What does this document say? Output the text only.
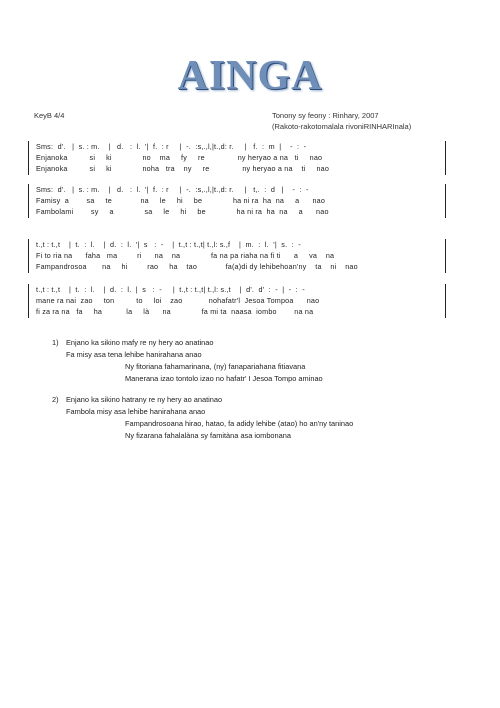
AINGA
KeyB 4/4	Tonony sy feony : Rinhary, 2007
(Rakoto-rakotomalala rivoniRINHARInala)
Sms:  d'.   |  s. : m.    |   d.   :  l.  '|  f.  : r     |  -.  :s,.,l,|t.,d: r.     |   f.  :  m  |    -  :  -
Enjanoka          si     ki              no    ma     fy     re               ny heryao a na   ti     nao
Enjanoka          si     ki              noha   tra    ny     re               ny heryao a na    ti     nao
Sms:  d'.   |  s. : m.    |   d.   :  l.  '|  f.  : r     |  -.  :s,.,l,|t.,d: r.     |   t,.  :  d   |    -  :  -
Famisy  a        sa     te             na     le     hi     be              ha ni ra  ha  na     a      nao
Fambolami        sy     a              sa     le     hi     be              ha ni ra  ha  na     a      nao
t.,t : t.,t    |  t.  :  l.    |  d.  :  l.  '|  s   :  -    |  t.,t : t.,t| t.,l: s.,f    |  m.  :  l.  '|  s.  :  -
Fi to ria na      faha   ma         ri      na    na              fa na pa riaha na fi ti      a     va    na
Fampandrosoa       na     hi         rao     ha    tao             fa(a)di dy lehibehoan'ny    ta    ni    nao
t.,t : t.,t    |  t.  :  l.    |  d.  :  l.  |  s   :  -     |  t.,t : t.,t| t.,l: s.,t    |  d'.  d'  :  -  |  -  :  -
mane ra nai  zao     ton          to     loi    zao            nohafatr'l  Jesoa Tompoa      nao
fi za ra na   fa     ha           la     là      na              fa mi ta  naasa  iombo        na na
1) Enjano ka sikino mafy re ny hery ao anatinao
Fa misy asa tena lehibe hanirahana anao
Ny fitoriana fahamarinana, (ny) fanapariahana fitiavana
Manerana izao tontolo izao no hafatr' I Jesoa Tompo aminao
2) Enjano ka sikino hatrany re ny hery ao anatinao
Fambola misy asa lehibe hanirahana anao
Fampandrosoana hirao, hatao, fa adidy lehibe (atao) ho an'ny taninao
Ny fizarana fahalalàna sy famitàna asa iombonana
